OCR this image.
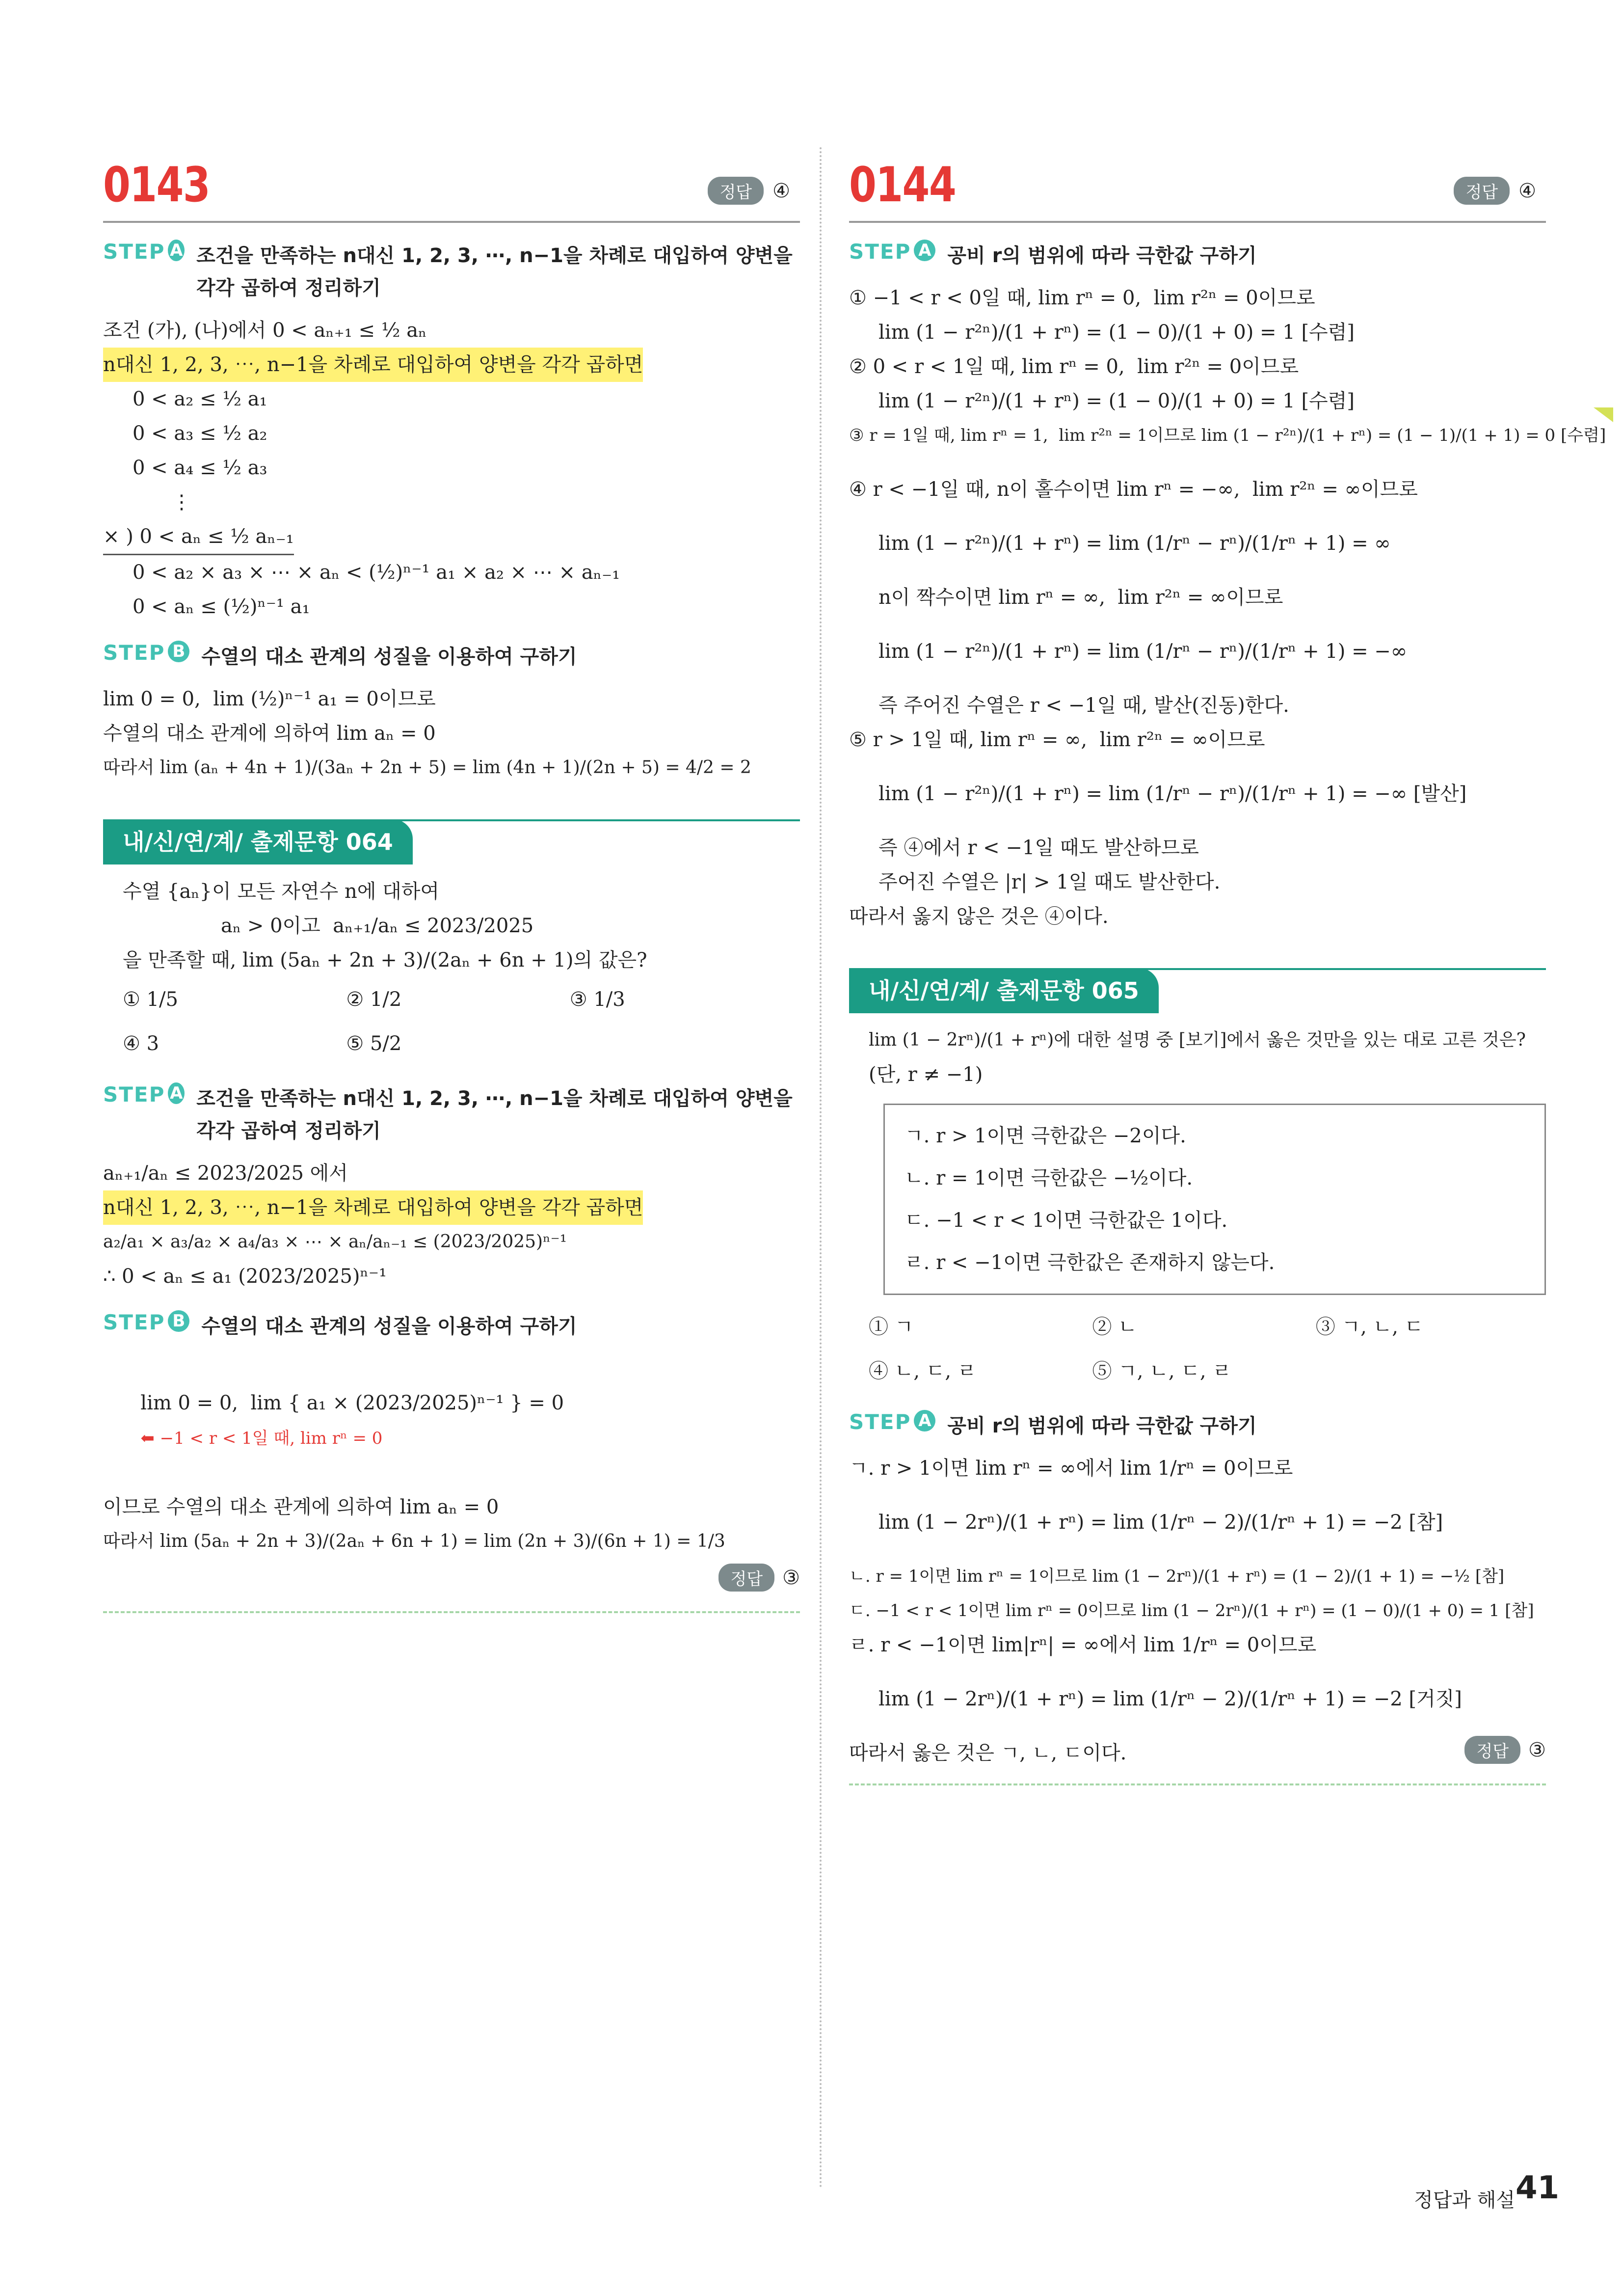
0143	정답	④
STEP A 조건을 만족하는 n대신 1, 2, 3, ⋯, n−1을 차례로 대입하여 양변을 각각 곱하여 정리하기
조건 (가), (나)에서 0 < aₙ₊₁ ≤ ½ aₙ
n대신 1, 2, 3, ⋯, n−1을 차례로 대입하여 양변을 각각 곱하면
0 < a₂ ≤ ½ a₁
0 < a₃ ≤ ½ a₂
0 < a₄ ≤ ½ a₃
⋮
× ) 0 < aₙ ≤ ½ aₙ₋₁
0 < a₂ × a₃ × ⋯ × aₙ < (½)ⁿ⁻¹ a₁ × a₂ × ⋯ × aₙ₋₁
0 < aₙ ≤ (½)ⁿ⁻¹ a₁
STEP B 수열의 대소 관계의 성질을 이용하여 구하기
lim 0 = 0,  lim (½)ⁿ⁻¹ a₁ = 0이므로
수열의 대소 관계에 의하여 lim aₙ = 0
따라서 lim (aₙ + 4n + 1)/(3aₙ + 2n + 5) = lim (4n + 1)/(2n + 5) = 4/2 = 2
내/신/연/계/ 출제문항 064
수열 {aₙ}이 모든 자연수 n에 대하여
aₙ > 0이고  aₙ₊₁/aₙ ≤ 2023/2025
을 만족할 때, lim (5aₙ + 2n + 3)/(2aₙ + 6n + 1)의 값은?
① 1/5	② 1/2	③ 1/3
④ 3	⑤ 5/2
STEP A 조건을 만족하는 n대신 1, 2, 3, ⋯, n−1을 차례로 대입하여 양변을 각각 곱하여 정리하기
aₙ₊₁/aₙ ≤ 2023/2025 에서
n대신 1, 2, 3, ⋯, n−1을 차례로 대입하여 양변을 각각 곱하면
a₂/a₁ × a₃/a₂ × a₄/a₃ × ⋯ × aₙ/aₙ₋₁ ≤ (2023/2025)ⁿ⁻¹
∴ 0 < aₙ ≤ a₁ (2023/2025)ⁿ⁻¹
STEP B 수열의 대소 관계의 성질을 이용하여 구하기

lim 0 = 0,  lim { a₁ × (2023/2025)ⁿ⁻¹ } = 0
⬅ −1 < r < 1일 때, lim rⁿ = 0

이므로 수열의 대소 관계에 의하여 lim aₙ = 0
따라서 lim (5aₙ + 2n + 3)/(2aₙ + 6n + 1) = lim (2n + 3)/(6n + 1) = 1/3
정답	③
0144	정답	④
STEP A 공비 r의 범위에 따라 극한값 구하기
① −1 < r < 0일 때, lim rⁿ = 0,  lim r²ⁿ = 0이므로
lim (1 − r²ⁿ)/(1 + rⁿ) = (1 − 0)/(1 + 0) = 1 [수렴]
② 0 < r < 1일 때, lim rⁿ = 0,  lim r²ⁿ = 0이므로
lim (1 − r²ⁿ)/(1 + rⁿ) = (1 − 0)/(1 + 0) = 1 [수렴]
③ r = 1일 때, lim rⁿ = 1,  lim r²ⁿ = 1이므로 lim (1 − r²ⁿ)/(1 + rⁿ) = (1 − 1)/(1 + 1) = 0 [수렴]
④ r < −1일 때, n이 홀수이면 lim rⁿ = −∞,  lim r²ⁿ = ∞이므로
lim (1 − r²ⁿ)/(1 + rⁿ) = lim (1/rⁿ − rⁿ)/(1/rⁿ + 1) = ∞
n이 짝수이면 lim rⁿ = ∞,  lim r²ⁿ = ∞이므로
lim (1 − r²ⁿ)/(1 + rⁿ) = lim (1/rⁿ − rⁿ)/(1/rⁿ + 1) = −∞
즉 주어진 수열은 r < −1일 때, 발산(진동)한다.
⑤ r > 1일 때, lim rⁿ = ∞,  lim r²ⁿ = ∞이므로
lim (1 − r²ⁿ)/(1 + rⁿ) = lim (1/rⁿ − rⁿ)/(1/rⁿ + 1) = −∞ [발산]
즉 ④에서 r < −1일 때도 발산하므로
주어진 수열은 |r| > 1일 때도 발산한다.
따라서 옳지 않은 것은 ④이다.
내/신/연/계/ 출제문항 065
lim (1 − 2rⁿ)/(1 + rⁿ)에 대한 설명 중 [보기]에서 옳은 것만을 있는 대로 고른 것은?
(단, r ≠ −1)
ㄱ. r > 1이면 극한값은 −2이다.
ㄴ. r = 1이면 극한값은 −½이다.
ㄷ. −1 < r < 1이면 극한값은 1이다.
ㄹ. r < −1이면 극한값은 존재하지 않는다.
① ㄱ	② ㄴ	③ ㄱ, ㄴ, ㄷ
④ ㄴ, ㄷ, ㄹ	⑤ ㄱ, ㄴ, ㄷ, ㄹ
STEP A 공비 r의 범위에 따라 극한값 구하기
ㄱ. r > 1이면 lim rⁿ = ∞에서 lim 1/rⁿ = 0이므로
lim (1 − 2rⁿ)/(1 + rⁿ) = lim (1/rⁿ − 2)/(1/rⁿ + 1) = −2 [참]
ㄴ. r = 1이면 lim rⁿ = 1이므로 lim (1 − 2rⁿ)/(1 + rⁿ) = (1 − 2)/(1 + 1) = −½ [참]
ㄷ. −1 < r < 1이면 lim rⁿ = 0이므로 lim (1 − 2rⁿ)/(1 + rⁿ) = (1 − 0)/(1 + 0) = 1 [참]
ㄹ. r < −1이면 lim|rⁿ| = ∞에서 lim 1/rⁿ = 0이므로
lim (1 − 2rⁿ)/(1 + rⁿ) = lim (1/rⁿ − 2)/(1/rⁿ + 1) = −2 [거짓]
따라서 옳은 것은 ㄱ, ㄴ, ㄷ이다.	정답	③
정답과 해설 41
